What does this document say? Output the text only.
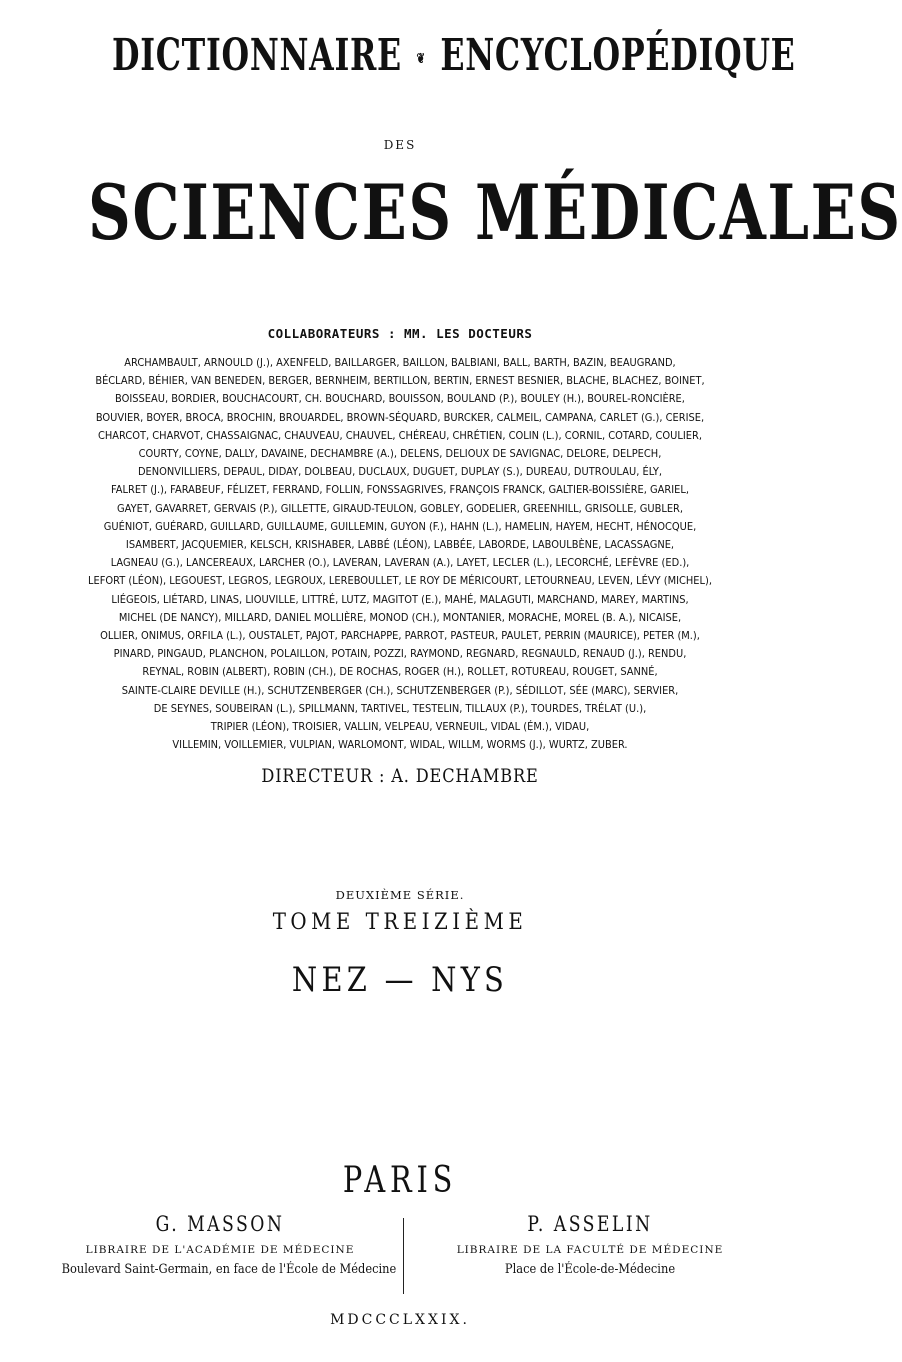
DICTIONNAIRE ❦ ENCYCLOPÉDIQUE
DES
SCIENCES MÉDICALES
COLLABORATEURS : MM. LES DOCTEURS
ARCHAMBAULT, ARNOULD (J.), AXENFELD, BAILLARGER, BAILLON, BALBIANI, BALL, BARTH, BAZIN, BEAUGRAND,
BÉCLARD, BÉHIER, VAN BENEDEN, BERGER, BERNHEIM, BERTILLON, BERTIN, ERNEST BESNIER, BLACHE, BLACHEZ, BOINET,
BOISSEAU, BORDIER, BOUCHACOURT, CH. BOUCHARD, BOUISSON, BOULAND (P.), BOULEY (H.), BOUREL-RONCIÈRE,
BOUVIER, BOYER, BROCA, BROCHIN, BROUARDEL, BROWN-SÉQUARD, BURCKER, CALMEIL, CAMPANA, CARLET (G.), CERISE,
CHARCOT, CHARVOT, CHASSAIGNAC, CHAUVEAU, CHAUVEL, CHÉREAU, CHRÉTIEN, COLIN (L.), CORNIL, COTARD, COULIER,
COURTY, COYNE, DALLY, DAVAINE, DECHAMBRE (A.), DELENS, DELIOUX DE SAVIGNAC, DELORE, DELPECH,
DENONVILLIERS, DEPAUL, DIDAY, DOLBEAU, DUCLAUX, DUGUET, DUPLAY (S.), DUREAU, DUTROULAU, ÉLY,
FALRET (J.), FARABEUF, FÉLIZET, FERRAND, FOLLIN, FONSSAGRIVES, FRANÇOIS FRANCK, GALTIER-BOISSIÈRE, GARIEL,
GAYET, GAVARRET, GERVAIS (P.), GILLETTE, GIRAUD-TEULON, GOBLEY, GODELIER, GREENHILL, GRISOLLE, GUBLER,
GUÉNIOT, GUÉRARD, GUILLARD, GUILLAUME, GUILLEMIN, GUYON (F.), HAHN (L.), HAMELIN, HAYEM, HECHT, HÉNOCQUE,
ISAMBERT, JACQUEMIER, KELSCH, KRISHABER, LABBÉ (LÉON), LABBÉE, LABORDE, LABOULBÈNE, LACASSAGNE,
LAGNEAU (G.), LANCEREAUX, LARCHER (O.), LAVERAN, LAVERAN (A.), LAYET, LECLER (L.), LECORCHÉ, LEFÈVRE (ED.),
LEFORT (LÉON), LEGOUEST, LEGROS, LEGROUX, LEREBOULLET, LE ROY DE MÉRICOURT, LETOURNEAU, LEVEN, LÉVY (MICHEL),
LIÉGEOIS, LIÉTARD, LINAS, LIOUVILLE, LITTRÉ, LUTZ, MAGITOT (E.), MAHÉ, MALAGUTI, MARCHAND, MAREY, MARTINS,
MICHEL (DE NANCY), MILLARD, DANIEL MOLLIÈRE, MONOD (CH.), MONTANIER, MORACHE, MOREL (B. A.), NICAISE,
OLLIER, ONIMUS, ORFILA (L.), OUSTALET, PAJOT, PARCHAPPE, PARROT, PASTEUR, PAULET, PERRIN (MAURICE), PETER (M.),
PINARD, PINGAUD, PLANCHON, POLAILLON, POTAIN, POZZI, RAYMOND, REGNARD, REGNAULD, RENAUD (J.), RENDU,
REYNAL, ROBIN (ALBERT), ROBIN (CH.), DE ROCHAS, ROGER (H.), ROLLET, ROTUREAU, ROUGET, SANNÉ,
SAINTE-CLAIRE DEVILLE (H.), SCHUTZENBERGER (CH.), SCHUTZENBERGER (P.), SÉDILLOT, SÉE (MARC), SERVIER,
DE SEYNES, SOUBEIRAN (L.), SPILLMANN, TARTIVEL, TESTELIN, TILLAUX (P.), TOURDES, TRÉLAT (U.),
TRIPIER (LÉON), TROISIER, VALLIN, VELPEAU, VERNEUIL, VIDAL (ÉM.), VIDAU,
VILLEMIN, VOILLEMIER, VULPIAN, WARLOMONT, WIDAL, WILLM, WORMS (J.), WURTZ, ZUBER.
DIRECTEUR : A. DECHAMBRE
DEUXIÈME SÉRIE.
TOME TREIZIÈME
NEZ — NYS
PARIS
G. MASSON
LIBRAIRE DE L'ACADÉMIE DE MÉDECINE
Boulevard Saint-Germain, en face de l'École de Médecine
P. ASSELIN
LIBRAIRE DE LA FACULTÉ DE MÉDECINE
Place de l'École-de-Médecine
MDCCCLXXIX.
